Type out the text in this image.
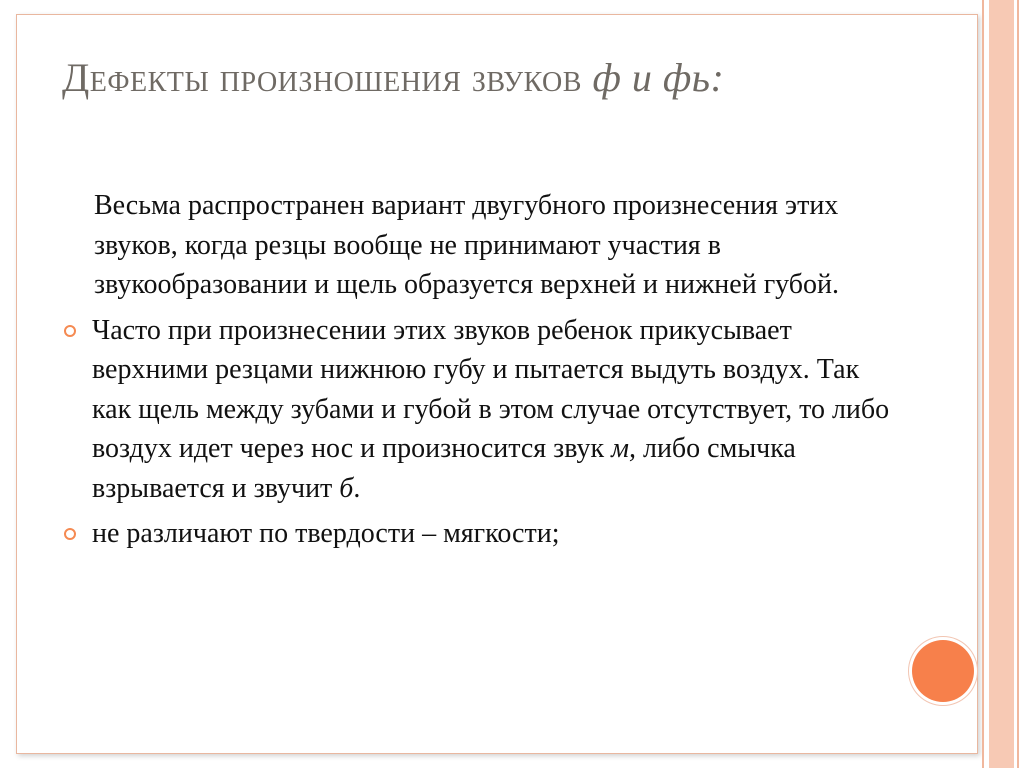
Дефекты произношения звуков ф и фь:

Весьма распространен вариант двугубного произнесения этих звуков, когда резцы вообще не принимают участия в звукообразовании и щель образуется верхней и нижней губой.

Часто при произнесении этих звуков ребенок прикусывает верхними резцами нижнюю губу и пытается выдуть воздух. Так как щель между зубами и губой в этом случае отсутствует, то либо воздух идет через нос и произносится звук м, либо смычка взрывается и звучит б.

не различают по твердости – мягкости;
